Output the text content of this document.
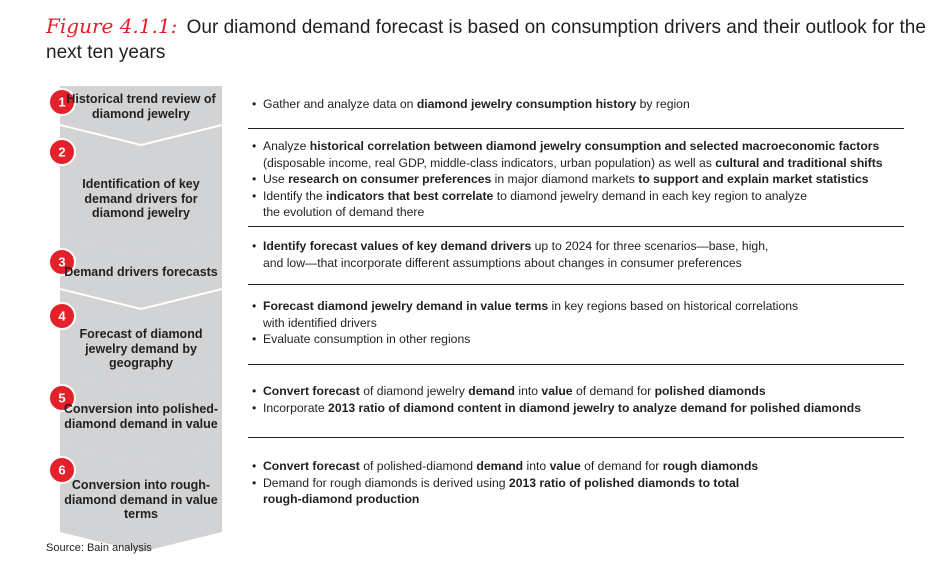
Figure 4.1.1: Our diamond demand forecast is based on consumption drivers and their outlook for the next ten years
1
2
3
4
5
6
Historical trend review of diamond jewelry
Identification of key demand drivers for diamond jewelry
Demand drivers forecasts
Forecast of diamond jewelry demand by geography
Conversion into polished-diamond demand in value
Conversion into rough-diamond demand in value terms
• Gather and analyze data on diamond jewelry consumption history by region
• Analyze historical correlation between diamond jewelry consumption and selected macroeconomic factors
(disposable income, real GDP, middle-class indicators, urban population) as well as cultural and traditional shifts
• Use research on consumer preferences in major diamond markets to support and explain market statistics
• Identify the indicators that best correlate to diamond jewelry demand in each key region to analyze
the evolution of demand there
• Identify forecast values of key demand drivers up to 2024 for three scenarios—base, high,
and low—that incorporate different assumptions about changes in consumer preferences
• Forecast diamond jewelry demand in value terms in key regions based on historical correlations
with identified drivers
• Evaluate consumption in other regions
• Convert forecast of diamond jewelry demand into value of demand for polished diamonds
• Incorporate 2013 ratio of diamond content in diamond jewelry to analyze demand for polished diamonds
• Convert forecast of polished-diamond demand into value of demand for rough diamonds
• Demand for rough diamonds is derived using 2013 ratio of polished diamonds to total
rough-diamond production
Source: Bain analysis
